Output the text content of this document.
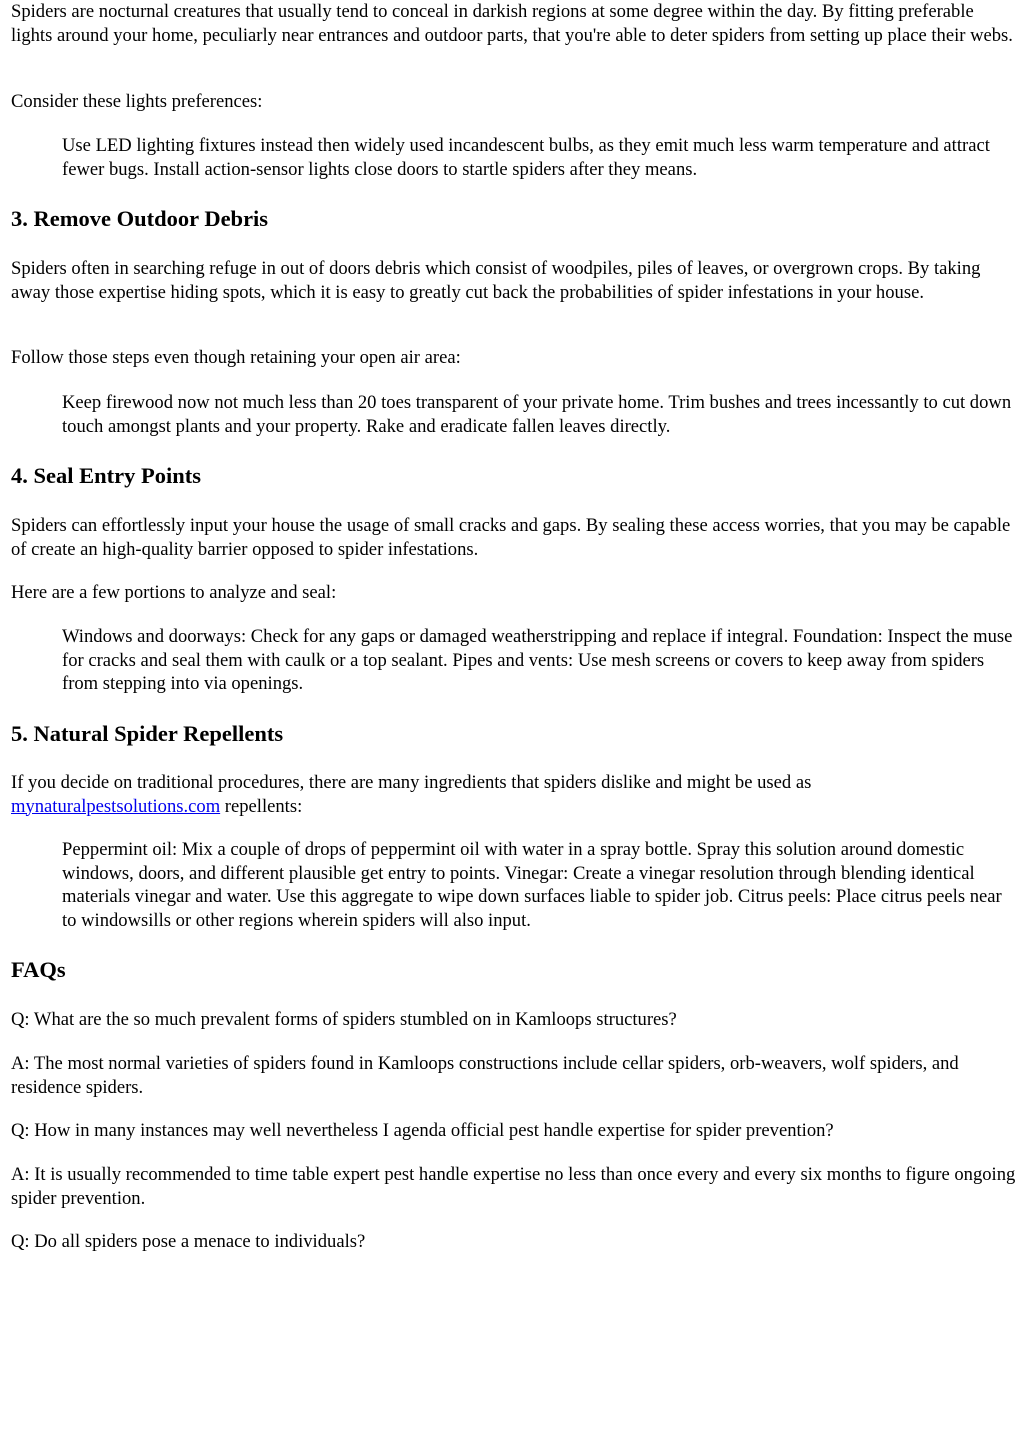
Spiders are nocturnal creatures that usually tend to conceal in darkish regions at some degree within the day. By fitting preferable lights around your home, peculiarly near entrances and outdoor parts, that you're able to deter spiders from setting up place their webs.

Consider these lights preferences:

Use LED lighting fixtures instead then widely used incandescent bulbs, as they emit much less warm temperature and attract fewer bugs. Install action-sensor lights close doors to startle spiders after they means.

3. Remove Outdoor Debris

Spiders often in searching refuge in out of doors debris which consist of woodpiles, piles of leaves, or overgrown crops. By taking away those expertise hiding spots, which it is easy to greatly cut back the probabilities of spider infestations in your house.

Follow those steps even though retaining your open air area:

Keep firewood now not much less than 20 toes transparent of your private home. Trim bushes and trees incessantly to cut down touch amongst plants and your property. Rake and eradicate fallen leaves directly.

4. Seal Entry Points

Spiders can effortlessly input your house the usage of small cracks and gaps. By sealing these access worries, that you may be capable of create an high-quality barrier opposed to spider infestations.

Here are a few portions to analyze and seal:

Windows and doorways: Check for any gaps or damaged weatherstripping and replace if integral. Foundation: Inspect the muse for cracks and seal them with caulk or a top sealant. Pipes and vents: Use mesh screens or covers to keep away from spiders from stepping into via openings.

5. Natural Spider Repellents

If you decide on traditional procedures, there are many ingredients that spiders dislike and might be used as mynaturalpestsolutions.com repellents:

Peppermint oil: Mix a couple of drops of peppermint oil with water in a spray bottle. Spray this solution around domestic windows, doors, and different plausible get entry to points. Vinegar: Create a vinegar resolution through blending identical materials vinegar and water. Use this aggregate to wipe down surfaces liable to spider job. Citrus peels: Place citrus peels near to windowsills or other regions wherein spiders will also input.

FAQs

Q: What are the so much prevalent forms of spiders stumbled on in Kamloops structures?

A: The most normal varieties of spiders found in Kamloops constructions include cellar spiders, orb-weavers, wolf spiders, and residence spiders.

Q: How in many instances may well nevertheless I agenda official pest handle expertise for spider prevention?

A: It is usually recommended to time table expert pest handle expertise no less than once every and every six months to figure ongoing spider prevention.

Q: Do all spiders pose a menace to individuals?
